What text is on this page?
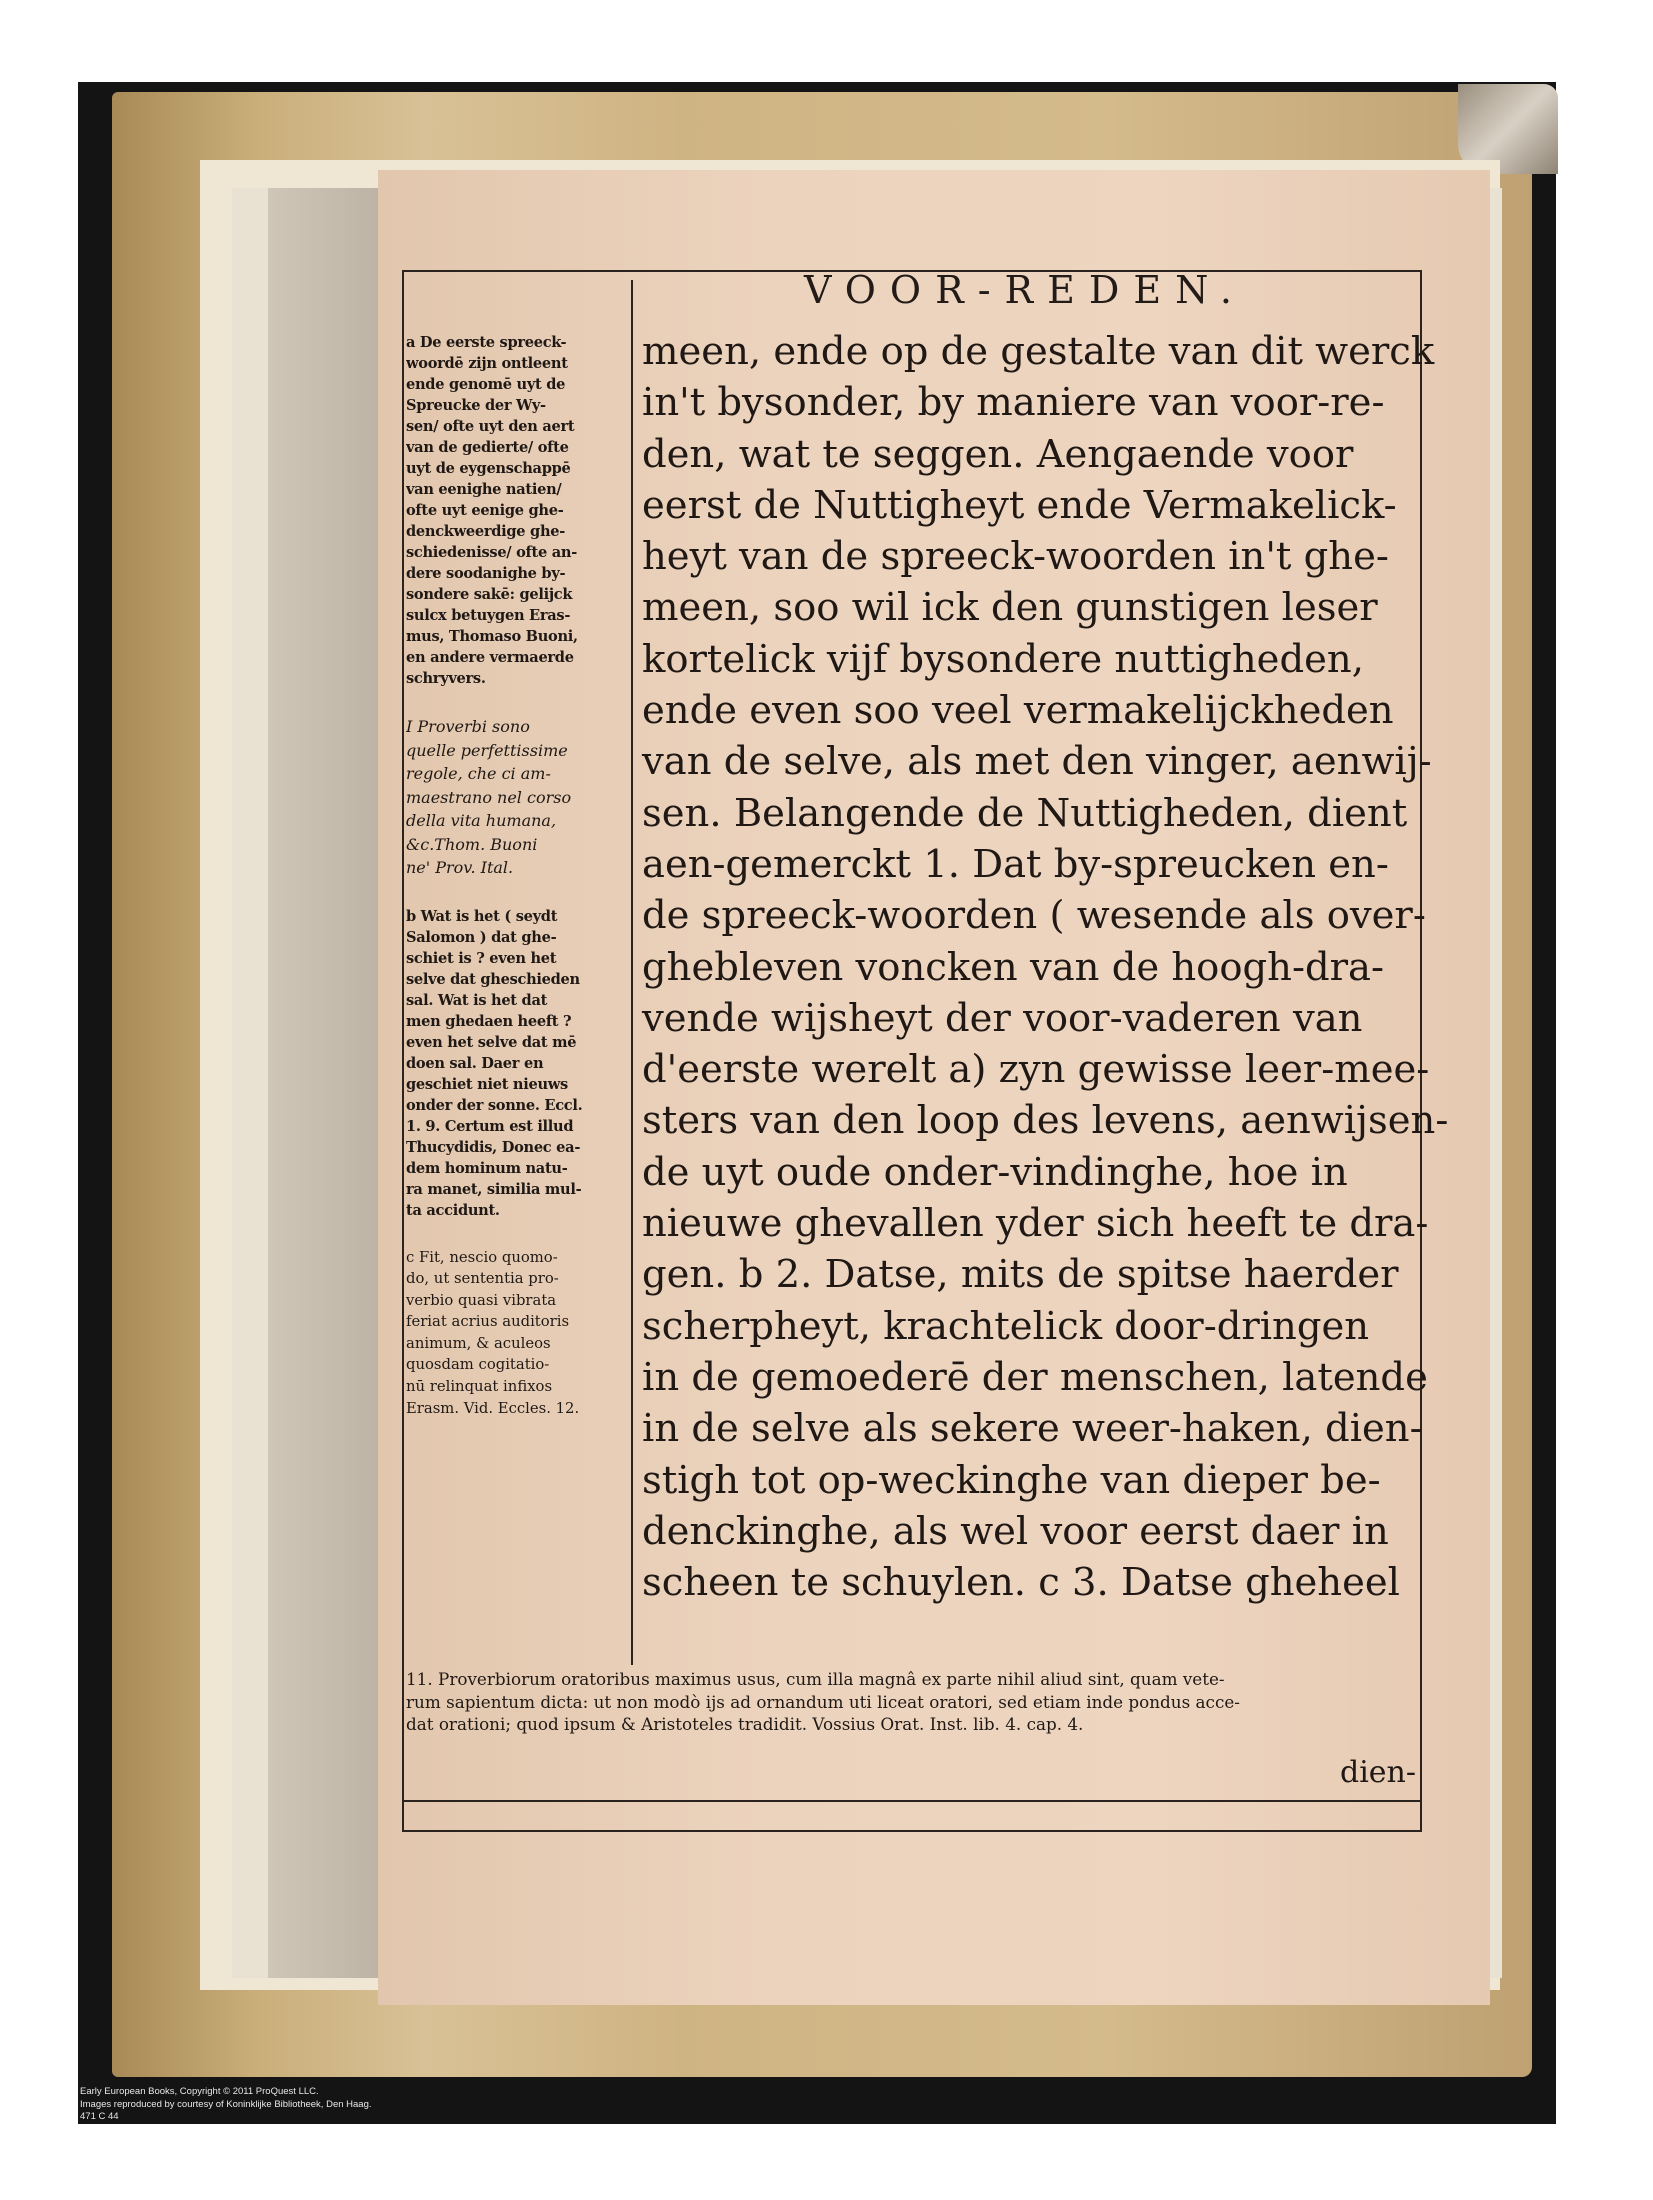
VOOR-REDEN.
meen, ende op de gestalte van dit werck
in't bysonder, by maniere van voor-re-
den, wat te seggen. Aengaende voor
eerst de Nuttigheyt ende Vermakelick-
heyt van de spreeck-woorden in't ghe-
meen, soo wil ick den gunstigen leser
kortelick vijf bysondere nuttigheden,
ende even soo veel vermakelijckheden
van de selve, als met den vinger, aenwij-
sen. Belangende de Nuttigheden, dient
aen-gemerckt 1. Dat by-spreucken en-
de spreeck-woorden ( wesende als over-
ghebleven voncken van de hoogh-dra-
vende wijsheyt der voor-vaderen van
d'eerste werelt a) zyn gewisse leer-mee-
sters van den loop des levens, aenwijsen-
de uyt oude onder-vindinghe, hoe in
nieuwe ghevallen yder sich heeft te dra-
gen. b 2. Datse, mits de spitse haerder
scherpheyt, krachtelick door-dringen
in de gemoederē der menschen, latende
in de selve als sekere weer-haken, dien-
stigh tot op-weckinghe van dieper be-
denckinghe, als wel voor eerst daer in
scheen te schuylen. c 3. Datse gheheel
a De eerste spreeck-
woordē zijn ontleent
ende genomē uyt de
Spreucke der Wy-
sen/ ofte uyt den aert
van de gedierte/ ofte
uyt de eygenschappē
van eenighe natien/
ofte uyt eenige ghe-
denckweerdige ghe-
schiedenisse/ ofte an-
dere soodanighe by-
sondere sakē: gelijck
sulcx betuygen Eras-
mus, Thomaso Buoni,
en andere vermaerde
schryvers.
I Proverbi sono
quelle perfettissime
regole, che ci am-
maestrano nel corso
della vita humana,
&c.Thom. Buoni
ne' Prov. Ital.
b Wat is het ( seydt
Salomon ) dat ghe-
schiet is ? even het
selve dat gheschieden
sal. Wat is het dat
men ghedaen heeft ?
even het selve dat mē
doen sal. Daer en
geschiet niet nieuws
onder der sonne. Eccl.
1. 9. Certum est illud
Thucydidis, Donec ea-
dem hominum natu-
ra manet, similia mul-
ta accidunt.
c Fit, nescio quomo-
do, ut sententia pro-
verbio quasi vibrata
feriat acrius auditoris
animum, & aculeos
quosdam cogitatio-
nū relinquat infixos
Erasm. Vid. Eccles. 12.
11. Proverbiorum oratoribus maximus usus, cum illa magnâ ex parte nihil aliud sint, quam vete-
rum sapientum dicta: ut non modò ijs ad ornandum uti liceat oratori, sed etiam inde pondus acce-
dat orationi; quod ipsum & Aristoteles tradidit. Vossius Orat. Inst. lib. 4. cap. 4.
dien-
Early European Books, Copyright © 2011 ProQuest LLC.
Images reproduced by courtesy of Koninklijke Bibliotheek, Den Haag.
471 C 44
